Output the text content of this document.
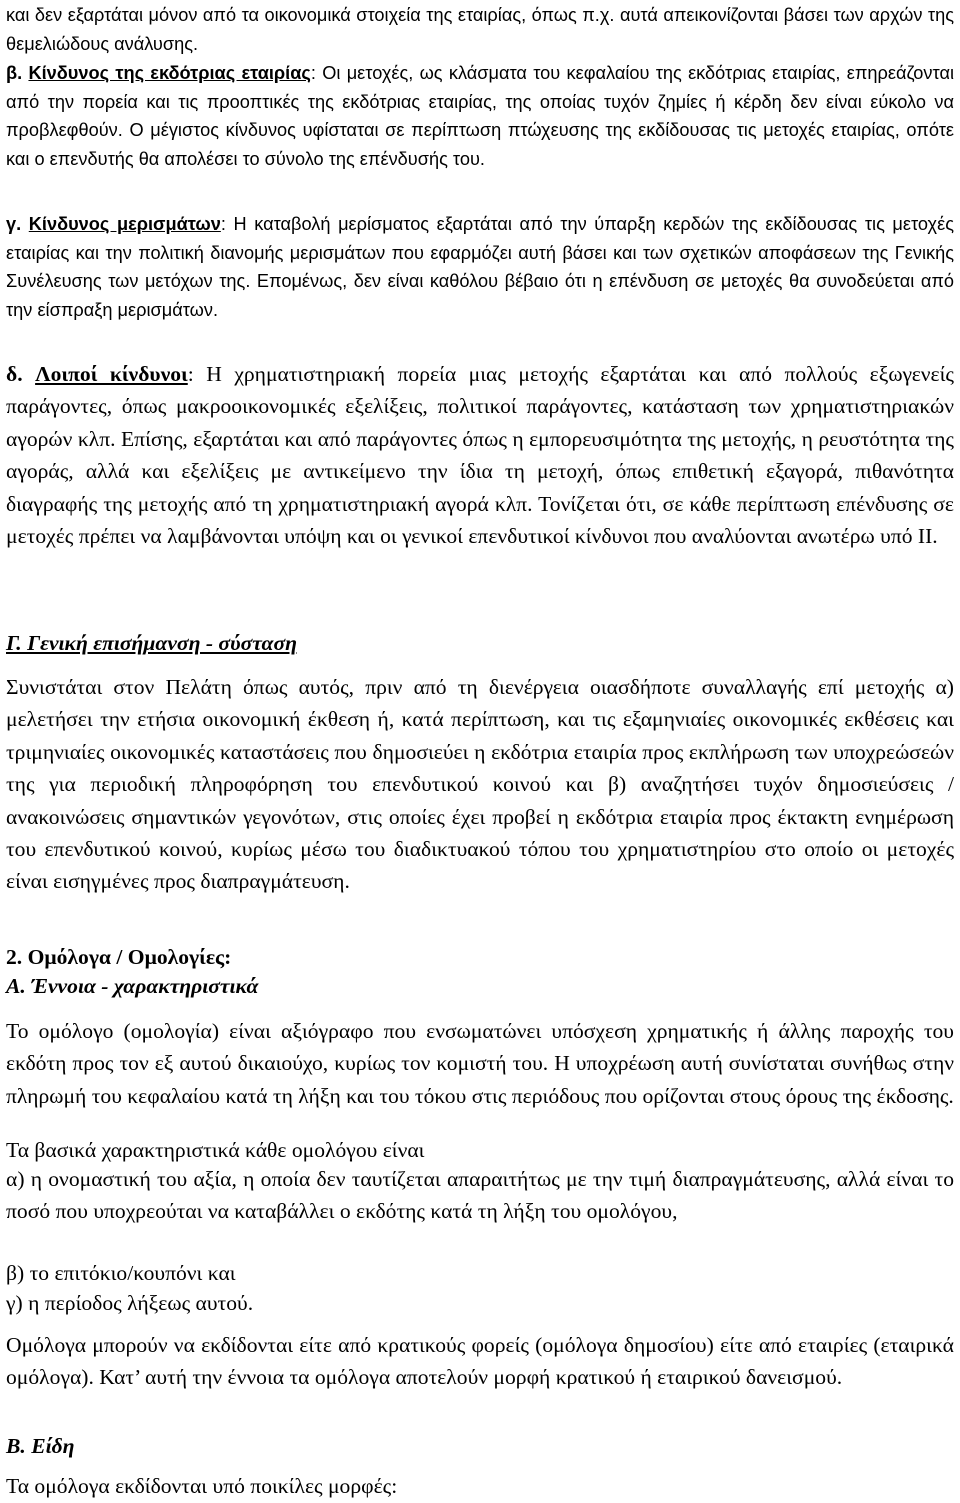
και δεν εξαρτάται μόνον από τα οικονομικά στοιχεία της εταιρίας, όπως π.χ. αυτά απεικονίζονται βάσει των αρχών της θεμελιώδους ανάλυσης.

β. Κίνδυνος της εκδότριας εταιρίας: Οι μετοχές, ως κλάσματα του κεφαλαίου της εκδότριας εταιρίας, επηρεάζονται από την πορεία και τις προοπτικές της εκδότριας εταιρίας, της οποίας τυχόν ζημίες ή κέρδη δεν είναι εύκολο να προβλεφθούν. Ο μέγιστος κίνδυνος υφίσταται σε περίπτωση πτώχευσης της εκδίδουσας τις μετοχές εταιρίας, οπότε και ο επενδυτής θα απολέσει το σύνολο της επένδυσής του.

γ. Κίνδυνος μερισμάτων: Η καταβολή μερίσματος εξαρτάται από την ύπαρξη κερδών της εκδίδουσας τις μετοχές εταιρίας και την πολιτική διανομής μερισμάτων που εφαρμόζει αυτή βάσει και των σχετικών αποφάσεων της Γενικής Συνέλευσης των μετόχων της. Επομένως, δεν είναι καθόλου βέβαιο ότι η επένδυση σε μετοχές θα συνοδεύεται από την είσπραξη μερισμάτων.

δ. Λοιποί κίνδυνοι: Η χρηματιστηριακή πορεία μιας μετοχής εξαρτάται και από πολλούς εξωγενείς παράγοντες, όπως μακροοικονομικές εξελίξεις, πολιτικοί παράγοντες, κατάσταση των χρηματιστηριακών αγορών κλπ. Επίσης, εξαρτάται και από παράγοντες όπως η εμπορευσιμότητα της μετοχής, η ρευστότητα της αγοράς, αλλά και εξελίξεις με αντικείμενο την ίδια τη μετοχή, όπως επιθετική εξαγορά, πιθανότητα διαγραφής της μετοχής από τη χρηματιστηριακή αγορά κλπ. Τονίζεται ότι, σε κάθε περίπτωση επένδυσης σε μετοχές πρέπει να λαμβάνονται υπόψη και οι γενικοί επενδυτικοί κίνδυνοι που αναλύονται ανωτέρω υπό ΙΙ.

Γ. Γενική επισήμανση - σύσταση

Συνιστάται στον Πελάτη όπως αυτός, πριν από τη διενέργεια οιασδήποτε συναλλαγής επί μετοχής α) μελετήσει την ετήσια οικονομική έκθεση ή, κατά περίπτωση, και τις εξαμηνιαίες οικονομικές εκθέσεις και τριμηνιαίες οικονομικές καταστάσεις που δημοσιεύει η εκδότρια εταιρία προς εκπλήρωση των υποχρεώσεών της για περιοδική πληροφόρηση του επενδυτικού κοινού και β) αναζητήσει τυχόν δημοσιεύσεις / ανακοινώσεις σημαντικών γεγονότων, στις οποίες έχει προβεί η εκδότρια εταιρία προς έκτακτη ενημέρωση του επενδυτικού κοινού, κυρίως μέσω του διαδικτυακού τόπου του χρηματιστηρίου στο οποίο οι μετοχές είναι εισηγμένες προς διαπραγμάτευση.

2. Ομόλογα / Ομολογίες:
Α. Έννοια - χαρακτηριστικά

Το ομόλογο (ομολογία) είναι αξιόγραφο που ενσωματώνει υπόσχεση χρηματικής ή άλλης παροχής του εκδότη προς τον εξ αυτού δικαιούχο, κυρίως τον κομιστή του. Η υποχρέωση αυτή συνίσταται συνήθως στην πληρωμή του κεφαλαίου κατά τη λήξη και του τόκου στις περιόδους που ορίζονται στους όρους της έκδοσης.

Τα βασικά χαρακτηριστικά κάθε ομολόγου είναι

α) η ονομαστική του αξία, η οποία δεν ταυτίζεται απαραιτήτως με την τιμή διαπραγμάτευσης, αλλά είναι το ποσό που υποχρεούται να καταβάλλει ο εκδότης κατά τη λήξη του ομολόγου,

β) το επιτόκιο/κουπόνι και
γ) η περίοδος λήξεως αυτού.

Ομόλογα μπορούν να εκδίδονται είτε από κρατικούς φορείς (ομόλογα δημοσίου) είτε από εταιρίες (εταιρικά ομόλογα). Κατ’ αυτή την έννοια τα ομόλογα αποτελούν μορφή κρατικού ή εταιρικού δανεισμού.

Β. Είδη
Τα ομόλογα εκδίδονται υπό ποικίλες μορφές:
